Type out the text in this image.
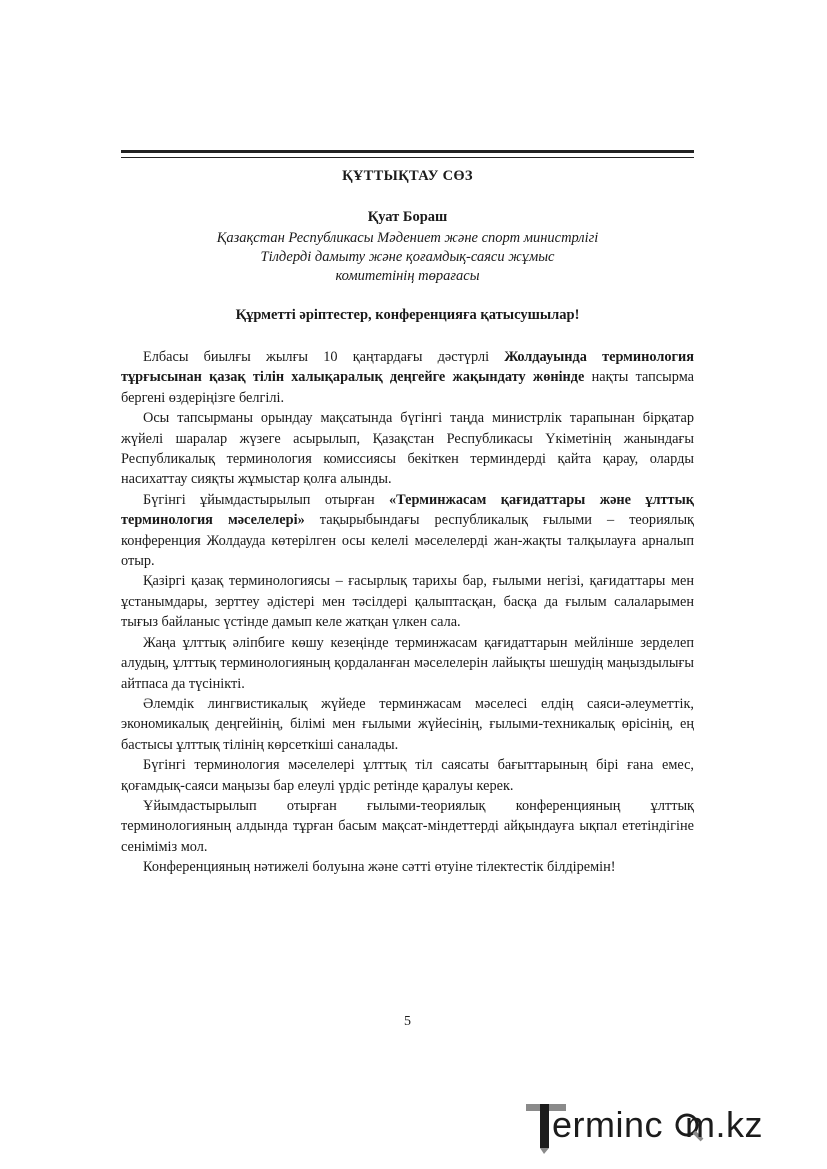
ҚҰТТЫҚТАУ СӨЗ
Қуат Бораш
Қазақстан Республикасы Мәдениет және спорт министрлігі
Тілдерді дамыту және қоғамдық-саяси жұмыс
комитетінің төрағасы
Құрметті әріптестер, конференцияға қатысушылар!

Елбасы биылғы жылғы 10 қаңтардағы дәстүрлі Жолдауында терминология тұрғысынан қазақ тілін халықаралық деңгейге жақындату жөнінде нақты тапсырма бергені өздеріңізге белгілі.

Осы тапсырманы орындау мақсатында бүгінгі таңда министрлік тарапынан бірқатар жүйелі шаралар жүзеге асырылып, Қазақстан Республикасы Үкіметінің жанындағы Республикалық терминология комиссиясы бекіткен терминдерді қайта қарау, оларды насихаттау сияқты жұмыстар қолға алынды.

Бүгінгі ұйымдастырылып отырған «Терминжасам қағидаттары және ұлттық терминология мәселелері» тақырыбындағы республикалық ғылыми – теориялық конференция Жолдауда көтерілген осы келелі мәселелерді жан-жақты талқылауға арналып отыр.

Қазіргі қазақ терминологиясы – ғасырлық тарихы бар, ғылыми негізі, қағидаттары мен ұстанымдары, зерттеу әдістері мен тәсілдері қалыптасқан, басқа да ғылым салаларымен тығыз байланыс үстінде дамып келе жатқан үлкен сала.

Жаңа ұлттық әліпбиге көшу кезеңінде терминжасам қағидаттарын мейлінше зерделеп алудың, ұлттық терминологияның қордаланған мәселелерін лайықты шешудің маңыздылығы айтпаса да түсінікті.

Әлемдік лингвистикалық жүйеде терминжасам мәселесі елдің саяси-әлеуметтік, экономикалық деңгейінің, білімі мен ғылыми жүйесінің, ғылыми-техникалық өрісінің, ең бастысы ұлттық тілінің көрсеткіші саналады.

Бүгінгі терминология мәселелері ұлттық тіл саясаты бағыттарының бірі ғана емес, қоғамдық-саяси маңызы бар елеулі үрдіс ретінде қаралуы керек.

Ұйымдастырылып отырған ғылыми-теориялық конференцияның ұлттық терминологияның алдында тұрған басым мақсат-міндеттерді айқындауға ықпал ететіндігіне сеніміміз мол.

Конференцияның нәтижелі болуына және сәтті өтуіне тілектестік білдіремін!

5
erminc m.kz
